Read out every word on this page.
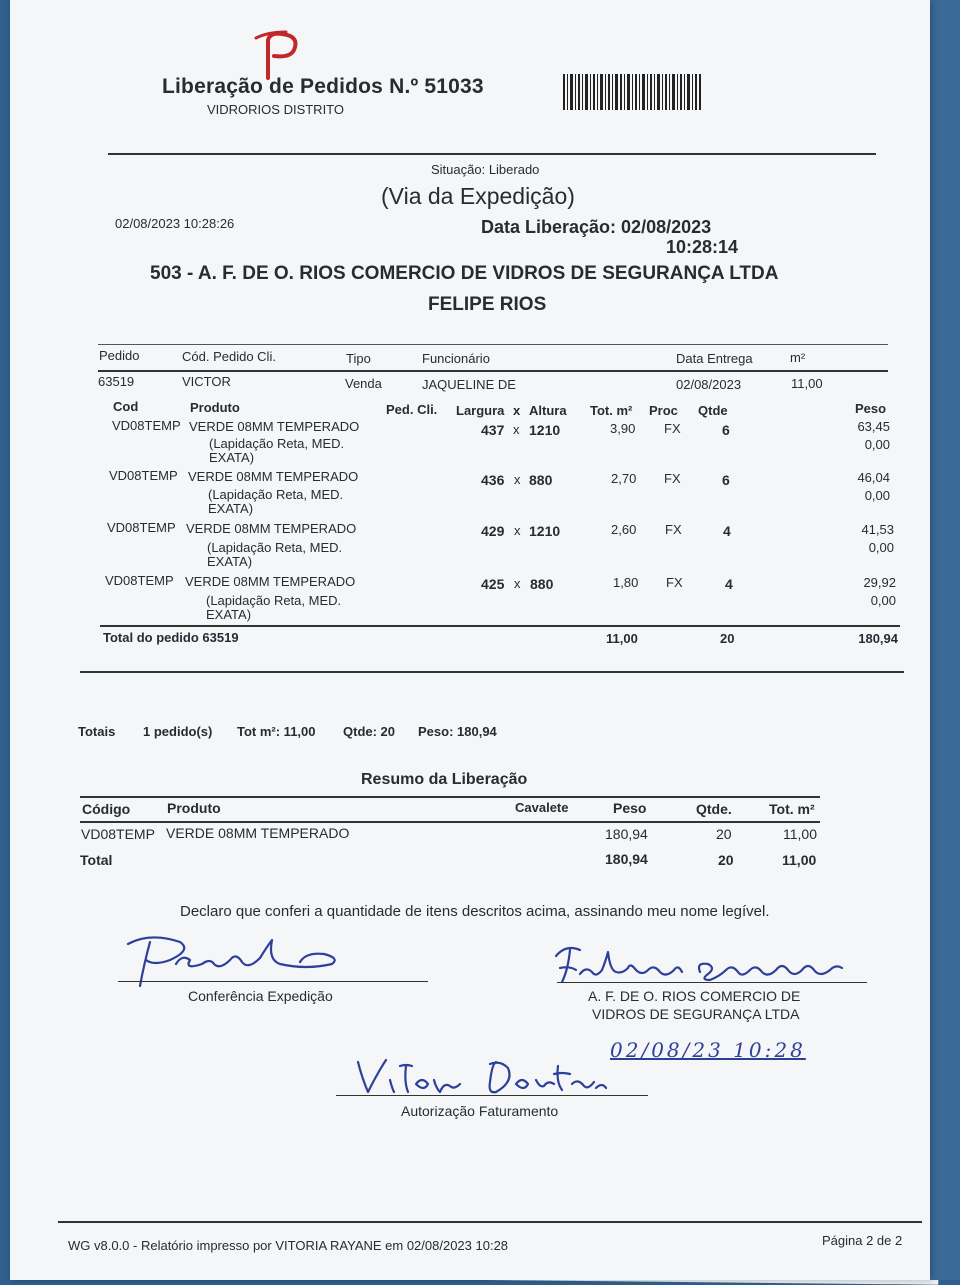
Liberação de Pedidos N.º 51033
VIDRORIOS DISTRITO
Situação: Liberado
(Via da Expedição)
02/08/2023 10:28:26	Data Liberação: 02/08/2023
10:28:14
503 - A. F. DE O. RIOS COMERCIO DE VIDROS DE SEGURANÇA LTDA
FELIPE RIOS
Pedido	Cód. Pedido Cli.	Tipo	Funcionário	Data Entrega	m²
63519	VICTOR	Venda	JAQUELINE DE	02/08/2023	11,00
Cod	Produto	Ped. Cli. Largura x Altura Tot. m² Proc Qtde	Peso
VD08TEMP VERDE 08MM TEMPERADO
(Lapidação Reta, MED.
EXATA)
437 x 1210	3,90 FX	6	63,45
0,00
VD08TEMP VERDE 08MM TEMPERADO
(Lapidação Reta, MED.
EXATA)
436 x 880	2,70 FX	6	46,04
0,00
VD08TEMP VERDE 08MM TEMPERADO
(Lapidação Reta, MED.
EXATA)
429 x 1210	2,60 FX	4	41,53
0,00
VD08TEMP VERDE 08MM TEMPERADO
(Lapidação Reta, MED.
EXATA)
425 x 880	1,80 FX	4	29,92
0,00
Total do pedido 63519	11,00	20	180,94
Totais 1 pedido(s) Tot m²: 11,00 Qtde: 20 Peso: 180,94
Resumo da Liberação
Código	Produto	Cavalete	Peso	Qtde.	Tot. m²
VD08TEMP VERDE 08MM TEMPERADO	180,94	20	11,00
Total	180,94	20	11,00
Declaro que conferi a quantidade de itens descritos acima, assinando meu nome legível.
Conferência Expedição	A. F. DE O. RIOS COMERCIO DE
VIDROS DE SEGURANÇA LTDA
02/08/23 10:28
Autorização Faturamento
WG v8.0.0 - Relatório impresso por VITORIA RAYANE em 02/08/2023 10:28	Página 2 de 2
